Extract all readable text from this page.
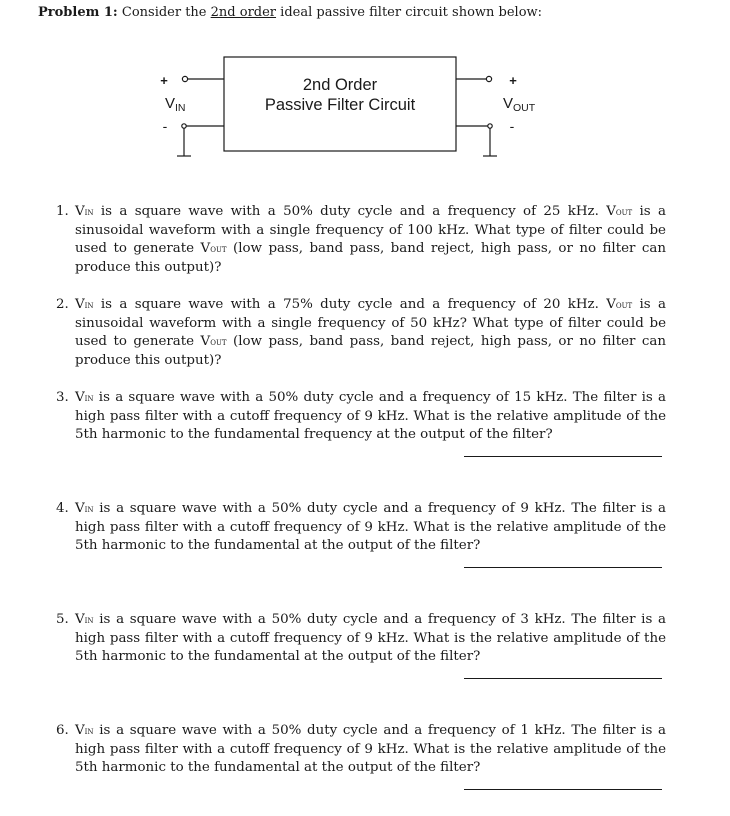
Problem 1: Consider the 2nd order ideal passive filter circuit shown below:
2nd Order
Passive Filter Circuit
+
$V_{IN}$
-
+
$V_{OUT}$
-
1. Vin is a square wave with a 50% duty cycle and a frequency of 25 kHz. Vout is a sinusoidal waveform with a single frequency of 100 kHz. What type of filter could be used to generate Vout (low pass, band pass, band reject, high pass, or no filter can produce this output)?
2. Vin is a square wave with a 75% duty cycle and a frequency of 20 kHz. Vout is a sinusoidal waveform with a single frequency of 50 kHz? What type of filter could be used to generate Vout (low pass, band pass, band reject, high pass, or no filter can produce this output)?
3. Vin is a square wave with a 50% duty cycle and a frequency of 15 kHz. The filter is a high pass filter with a cutoff frequency of 9 kHz. What is the relative amplitude of the 5th harmonic to the fundamental frequency at the output of the filter?
4. Vin is a square wave with a 50% duty cycle and a frequency of 9 kHz. The filter is a high pass filter with a cutoff frequency of 9 kHz. What is the relative amplitude of the 5th harmonic to the fundamental at the output of the filter?
5. Vin is a square wave with a 50% duty cycle and a frequency of 3 kHz. The filter is a high pass filter with a cutoff frequency of 9 kHz. What is the relative amplitude of the 5th harmonic to the fundamental at the output of the filter?
6. Vin is a square wave with a 50% duty cycle and a frequency of 1 kHz. The filter is a high pass filter with a cutoff frequency of 9 kHz. What is the relative amplitude of the 5th harmonic to the fundamental at the output of the filter?
